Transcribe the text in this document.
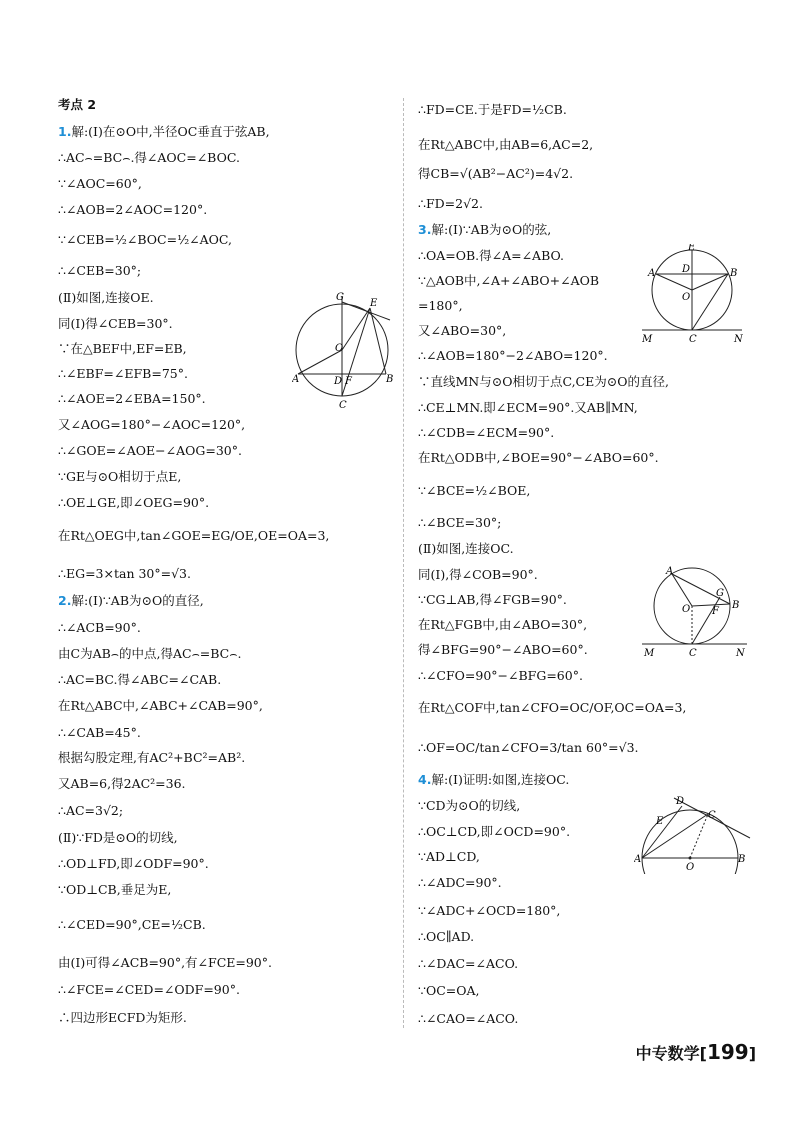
考点 2
1.解:(Ⅰ)在⊙O中,半径OC垂直于弦AB,
∴AC⌢=BC⌢.得∠AOC=∠BOC.
∵∠AOC=60°,
∴∠AOB=2∠AOC=120°.
∵∠CEB=½∠BOC=½∠AOC,
∴∠CEB=30°;
(Ⅱ)如图,连接OE.
同(Ⅰ)得∠CEB=30°.
∵在△BEF中,EF=EB,
∴∠EBF=∠EFB=75°.
∴∠AOE=2∠EBA=150°.
又∠AOG=180°−∠AOC=120°,
∴∠GOE=∠AOE−∠AOG=30°.
∵GE与⊙O相切于点E,
∴OE⊥GE,即∠OEG=90°.
在Rt△OEG中,tan∠GOE=EG/OE,OE=OA=3,
∴EG=3×tan 30°=√3.
2.解:(Ⅰ)∵AB为⊙O的直径,
∴∠ACB=90°.
由C为AB⌢的中点,得AC⌢=BC⌢.
∴AC=BC.得∠ABC=∠CAB.
在Rt△ABC中,∠ABC+∠CAB=90°,
∴∠CAB=45°.
根据勾股定理,有AC²+BC²=AB².
又AB=6,得2AC²=36.
∴AC=3√2;
(Ⅱ)∵FD是⊙O的切线,
∴OD⊥FD,即∠ODF=90°.
∵OD⊥CB,垂足为E,
∴∠CED=90°,CE=½CB.
由(Ⅰ)可得∠ACB=90°,有∠FCE=90°.
∴∠FCE=∠CED=∠ODF=90°.
∴四边形ECFD为矩形.
∴FD=CE.于是FD=½CB.
在Rt△ABC中,由AB=6,AC=2,
得CB=√(AB²−AC²)=4√2.
∴FD=2√2.
3.解:(Ⅰ)∵AB为⊙O的弦,
∴OA=OB.得∠A=∠ABO.
∵△AOB中,∠A+∠ABO+∠AOB
=180°,
又∠ABO=30°,
∴∠AOB=180°−2∠ABO=120°.
∵直线MN与⊙O相切于点C,CE为⊙O的直径,
∴CE⊥MN.即∠ECM=90°.又AB∥MN,
∴∠CDB=∠ECM=90°.
在Rt△ODB中,∠BOE=90°−∠ABO=60°.
∵∠BCE=½∠BOE,
∴∠BCE=30°;
(Ⅱ)如图,连接OC.
同(Ⅰ),得∠COB=90°.
∵CG⊥AB,得∠FGB=90°.
在Rt△FGB中,由∠ABO=30°,
得∠BFG=90°−∠ABO=60°.
∴∠CFO=90°−∠BFG=60°.
在Rt△COF中,tan∠CFO=OC/OF,OC=OA=3,
∴OF=OC/tan∠CFO=3/tan 60°=√3.
4.解:(Ⅰ)证明:如图,连接OC.
∵CD为⊙O的切线,
∴OC⊥CD,即∠OCD=90°.
∵AD⊥CD,
∴∠ADC=90°.
∵∠ADC+∠OCD=180°,
∴OC∥AD.
∴∠DAC=∠ACO.
∵OC=OA,
∴∠CAO=∠ACO.
G
E
O
A	D F	B
C
E
A	D	B
O
M	C	N
A
O
G
F
B
M	C	N
D
E
C
A
O
B
中专数学[199]
